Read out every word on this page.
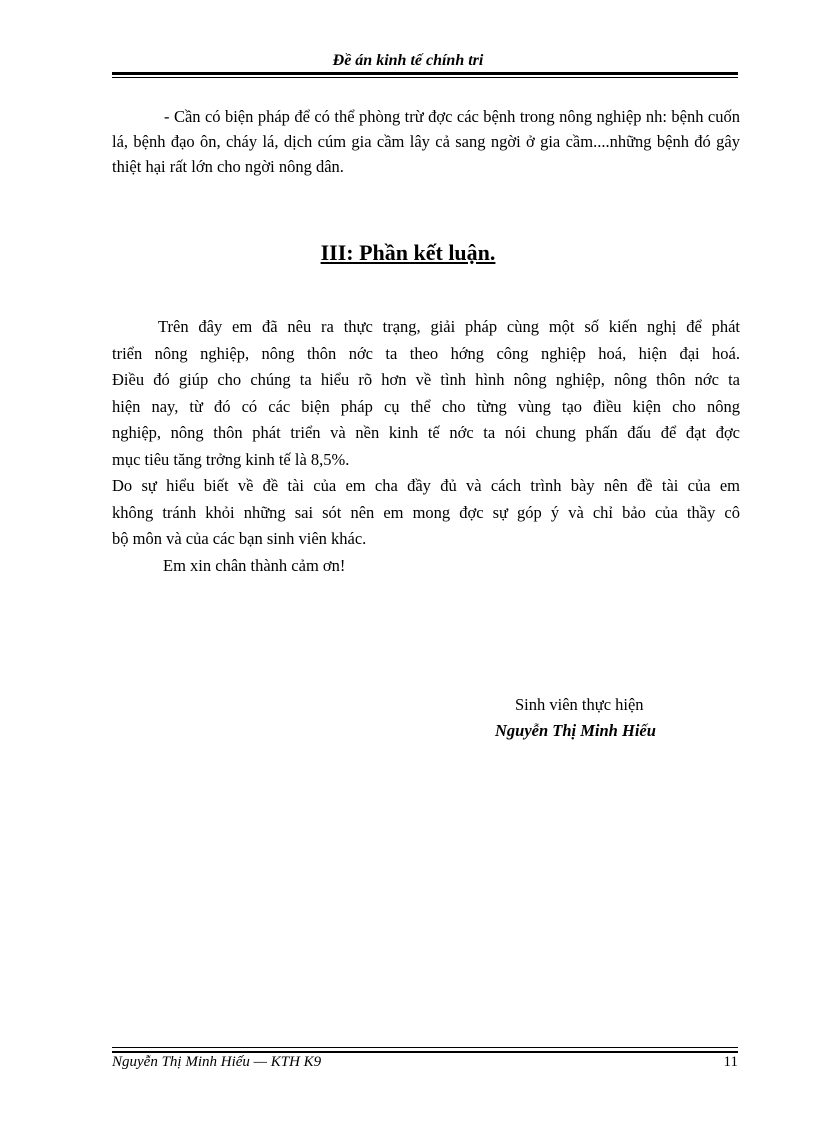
Đề án kinh tế chính tri

- Cần có biện pháp để có thể phòng trừ đợc các bệnh trong nông nghiệp nh: bệnh cuốn lá, bệnh đạo ôn, cháy lá, dịch cúm gia cầm lây cả sang ngời ở gia cầm....những bệnh đó gây thiệt hại rất lớn cho ngời nông dân.

III: Phần kết luận.
Trên đây em đã nêu ra thực trạng, giải pháp cùng một số kiến nghị để phát
triển nông nghiệp, nông thôn nớc ta theo hớng công nghiệp hoá, hiện đại hoá.
Điều đó giúp cho chúng ta hiểu rõ hơn về tình hình nông nghiệp, nông thôn nớc ta
hiện nay, từ đó có các biện pháp cụ thể cho từng vùng tạo điều kiện cho nông
nghiệp, nông thôn phát triển và nền kinh tế nớc ta nói chung phấn đấu để đạt đợc
mục tiêu tăng trởng kinh tế là 8,5%.
Do sự hiểu biết về đề tài của em cha đầy đủ và cách trình bày nên đề tài của em
không tránh khỏi những sai sót nên em mong đợc sự góp ý và chỉ bảo của thầy cô
bộ môn và của các bạn sinh viên khác.
Em xin chân thành cảm ơn!
Sinh viên thực hiện
Nguyễn Thị Minh Hiếu
Nguyễn Thị Minh Hiếu — KTH K9	11
